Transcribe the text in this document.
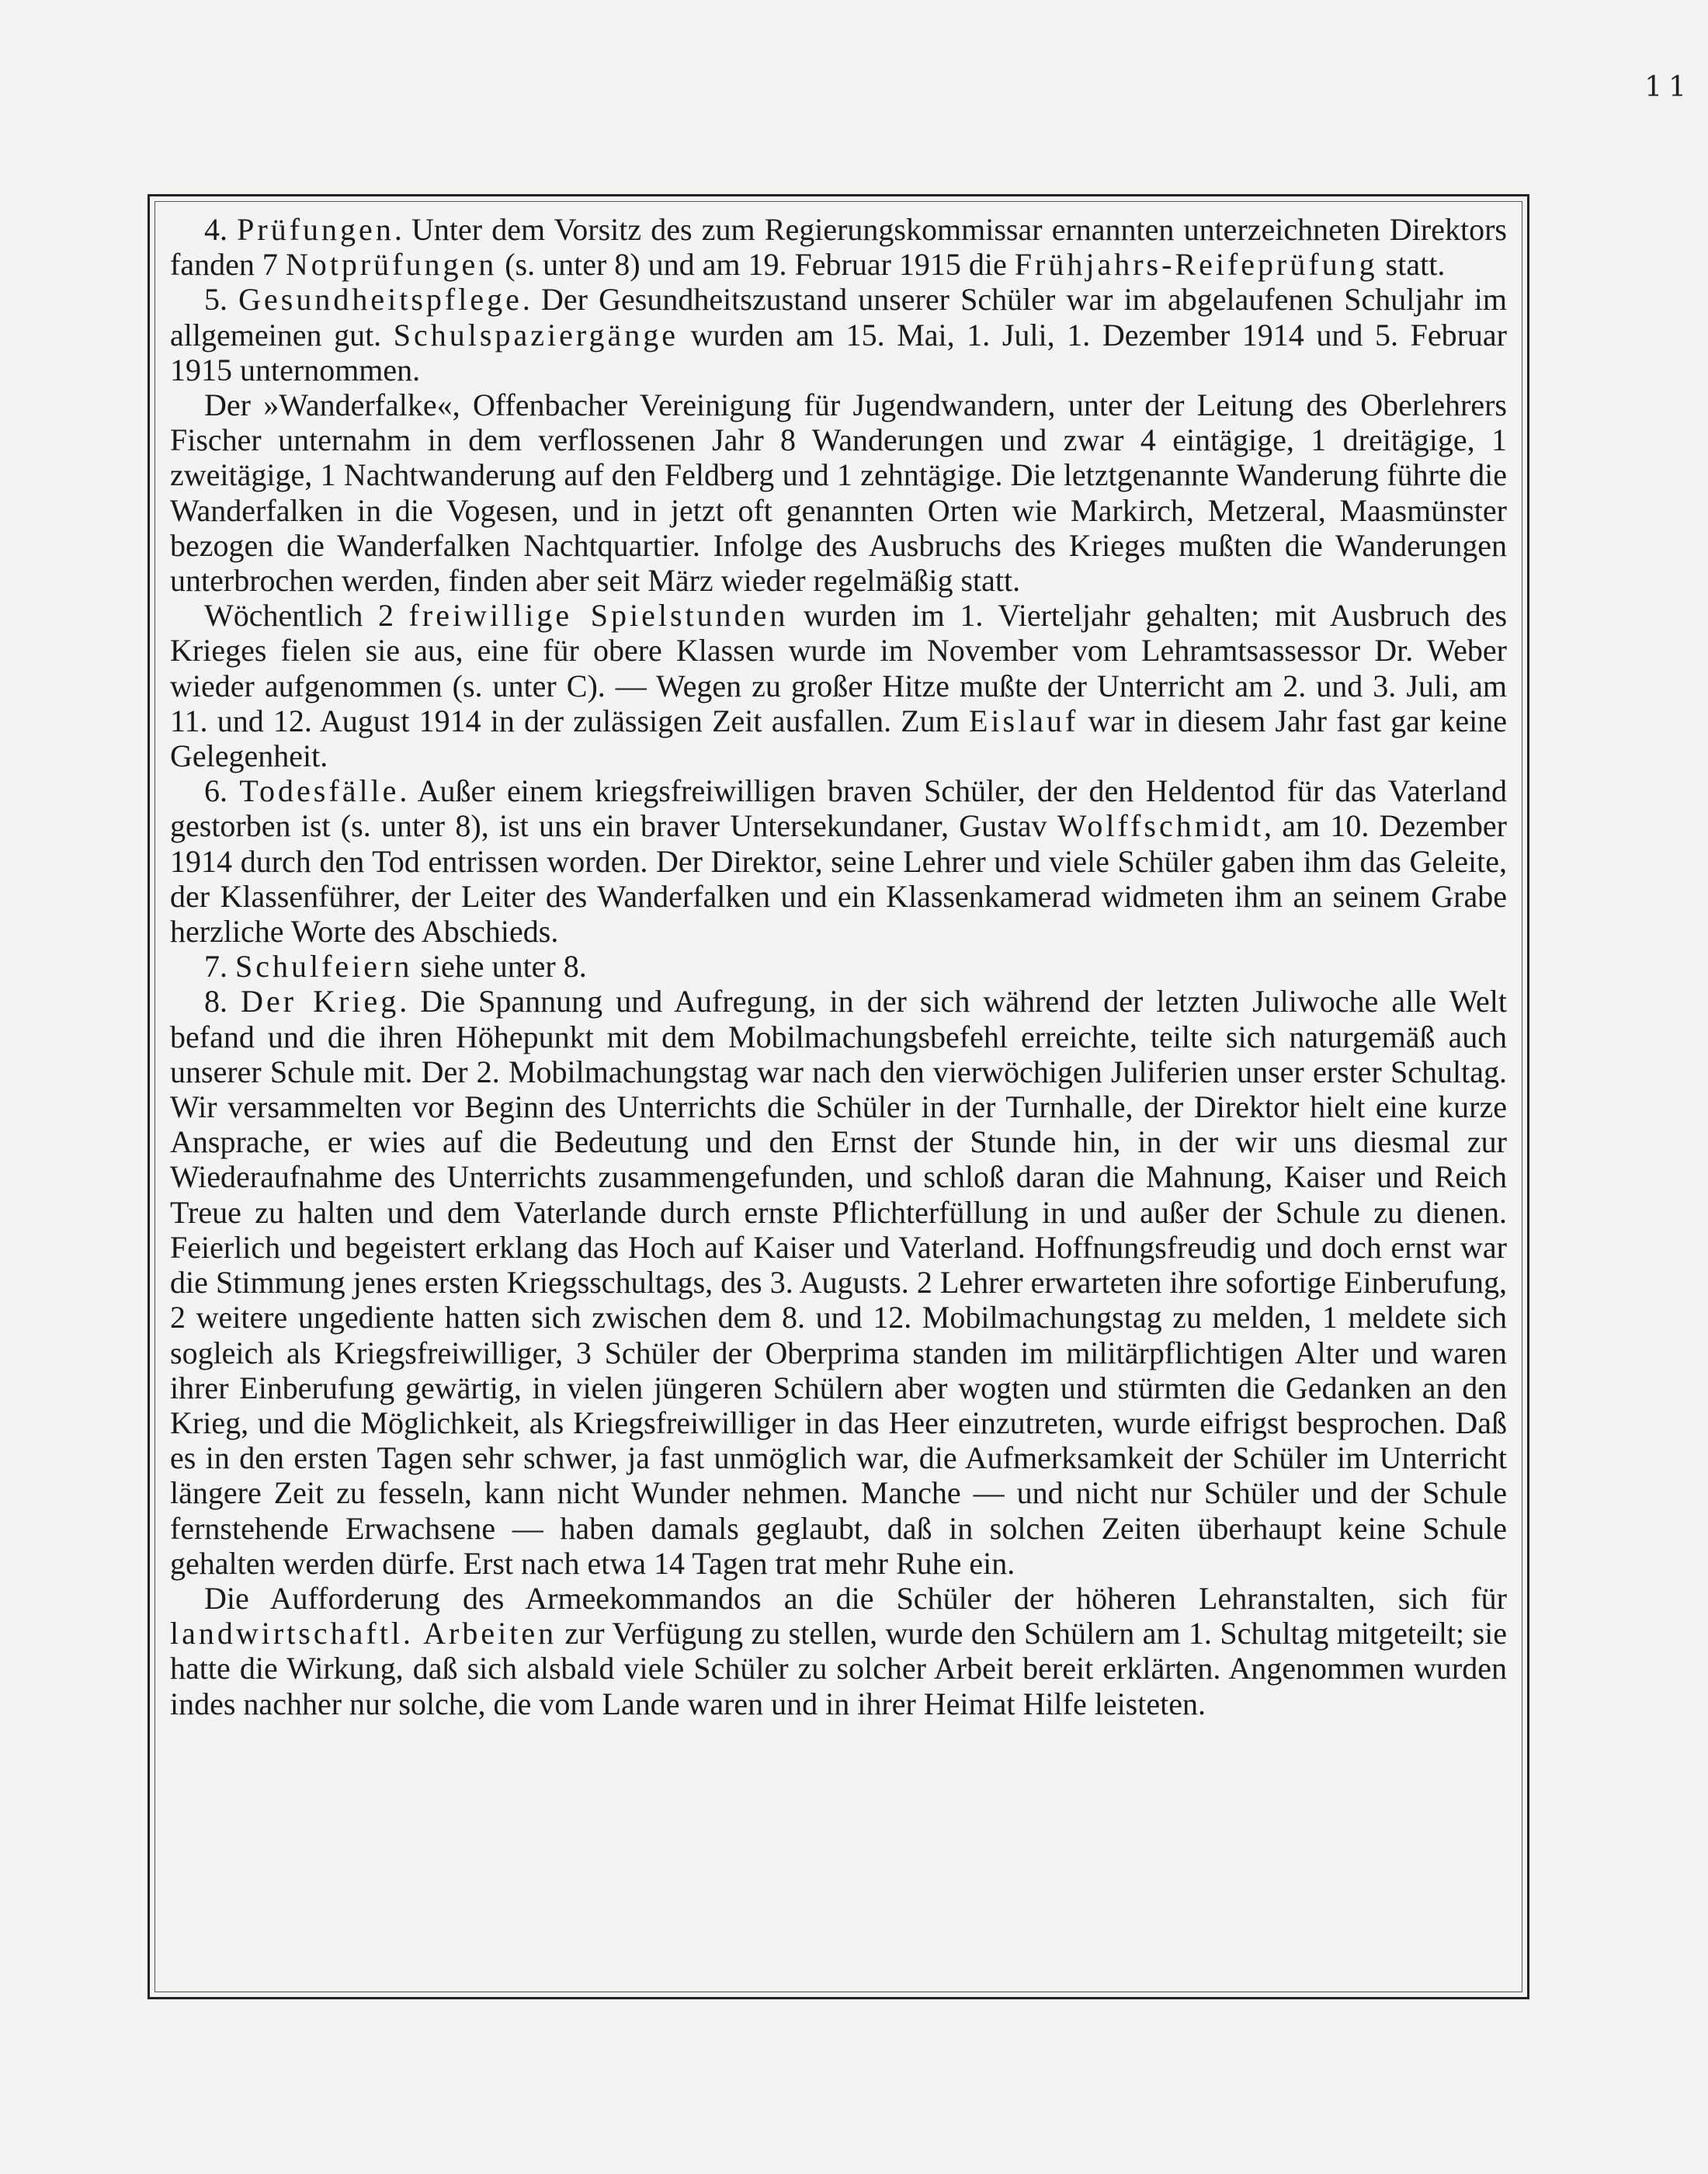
11

4. Prüfungen. Unter dem Vorsitz des zum Regierungskommissar ernannten unterzeichneten Direktors fanden 7 Notprüfungen (s. unter 8) und am 19. Februar 1915 die Frühjahrs-Reifeprüfung statt.

5. Gesundheitspflege. Der Gesundheitszustand unserer Schüler war im abgelaufenen Schuljahr im allgemeinen gut. Schulspaziergänge wurden am 15. Mai, 1. Juli, 1. Dezember 1914 und 5. Februar 1915 unternommen.

Der »Wanderfalke«, Offenbacher Vereinigung für Jugendwandern, unter der Leitung des Oberlehrers Fischer unternahm in dem verflossenen Jahr 8 Wanderungen und zwar 4 eintägige, 1 dreitägige, 1 zweitägige, 1 Nachtwanderung auf den Feldberg und 1 zehntägige. Die letztgenannte Wanderung führte die Wanderfalken in die Vogesen, und in jetzt oft genannten Orten wie Markirch, Metzeral, Maasmünster bezogen die Wanderfalken Nachtquartier. Infolge des Ausbruchs des Krieges mußten die Wanderungen unterbrochen werden, finden aber seit März wieder regelmäßig statt.

Wöchentlich 2 freiwillige Spielstunden wurden im 1. Vierteljahr gehalten; mit Ausbruch des Krieges fielen sie aus, eine für obere Klassen wurde im November vom Lehramtsassessor Dr. Weber wieder aufgenommen (s. unter C). — Wegen zu großer Hitze mußte der Unterricht am 2. und 3. Juli, am 11. und 12. August 1914 in der zulässigen Zeit ausfallen. Zum Eislauf war in diesem Jahr fast gar keine Gelegenheit.

6. Todesfälle. Außer einem kriegsfreiwilligen braven Schüler, der den Heldentod für das Vaterland gestorben ist (s. unter 8), ist uns ein braver Untersekundaner, Gustav Wolffschmidt, am 10. Dezember 1914 durch den Tod entrissen worden. Der Direktor, seine Lehrer und viele Schüler gaben ihm das Geleite, der Klassenführer, der Leiter des Wanderfalken und ein Klassenkamerad widmeten ihm an seinem Grabe herzliche Worte des Abschieds.

7. Schulfeiern siehe unter 8.

8. Der Krieg. Die Spannung und Aufregung, in der sich während der letzten Juliwoche alle Welt befand und die ihren Höhepunkt mit dem Mobilmachungsbefehl erreichte, teilte sich naturgemäß auch unserer Schule mit. Der 2. Mobilmachungstag war nach den vierwöchigen Juliferien unser erster Schultag. Wir versammelten vor Beginn des Unterrichts die Schüler in der Turnhalle, der Direktor hielt eine kurze Ansprache, er wies auf die Bedeutung und den Ernst der Stunde hin, in der wir uns diesmal zur Wiederaufnahme des Unterrichts zusammengefunden, und schloß daran die Mahnung, Kaiser und Reich Treue zu halten und dem Vaterlande durch ernste Pflichterfüllung in und außer der Schule zu dienen. Feierlich und begeistert erklang das Hoch auf Kaiser und Vaterland. Hoffnungsfreudig und doch ernst war die Stimmung jenes ersten Kriegsschultags, des 3. Augusts. 2 Lehrer erwarteten ihre sofortige Einberufung, 2 weitere ungediente hatten sich zwischen dem 8. und 12. Mobilmachungstag zu melden, 1 meldete sich sogleich als Kriegsfreiwilliger, 3 Schüler der Oberprima standen im militärpflichtigen Alter und waren ihrer Einberufung gewärtig, in vielen jüngeren Schülern aber wogten und stürmten die Gedanken an den Krieg, und die Möglichkeit, als Kriegsfreiwilliger in das Heer einzutreten, wurde eifrigst besprochen. Daß es in den ersten Tagen sehr schwer, ja fast unmöglich war, die Aufmerksamkeit der Schüler im Unterricht längere Zeit zu fesseln, kann nicht Wunder nehmen. Manche — und nicht nur Schüler und der Schule fernstehende Erwachsene — haben damals geglaubt, daß in solchen Zeiten überhaupt keine Schule gehalten werden dürfe. Erst nach etwa 14 Tagen trat mehr Ruhe ein.

Die Aufforderung des Armeekommandos an die Schüler der höheren Lehranstalten, sich für landwirtschaftl. Arbeiten zur Verfügung zu stellen, wurde den Schülern am 1. Schultag mitgeteilt; sie hatte die Wirkung, daß sich alsbald viele Schüler zu solcher Arbeit bereit erklärten. Angenommen wurden indes nachher nur solche, die vom Lande waren und in ihrer Heimat Hilfe leisteten.
